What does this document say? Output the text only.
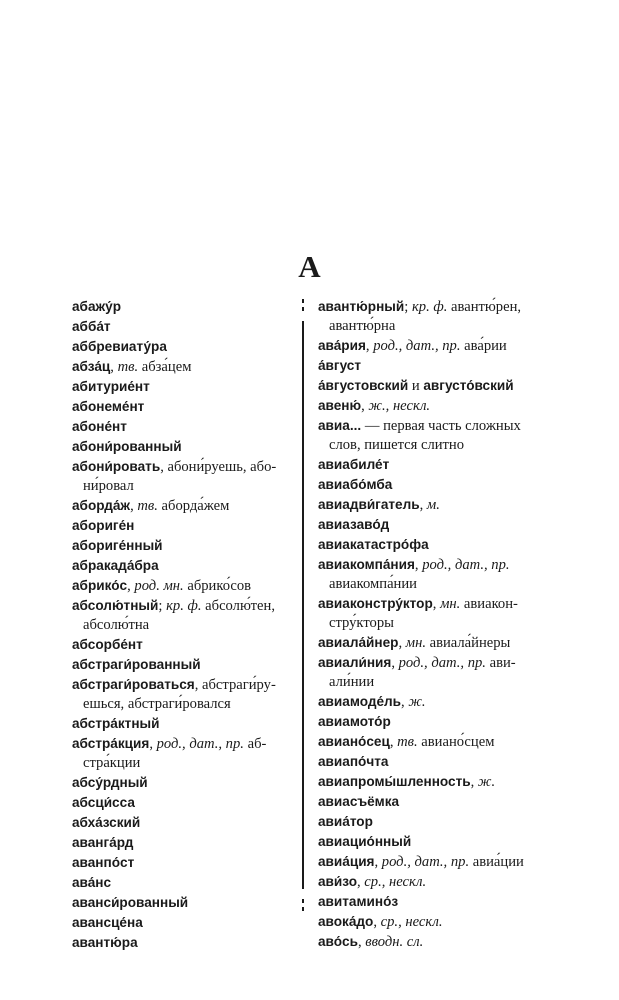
А
абажу́р
абба́т
аббревиату́ра
абза́ц, тв. абза́цем
абитурие́нт
абонеме́нт
абоне́нт
абони́рованный
абони́ровать, абони́руешь, абони́ровал
аборда́ж, тв. аборда́жем
абориге́н
абориге́нный
абракада́бра
абрико́с, род. мн. абрико́сов
абсолю́тный; кр. ф. абсолю́тен, абсолю́тна
абсорбе́нт
абстраги́рованный
абстраги́роваться, абстраги́руешься, абстраги́ровался
абстра́ктный
абстра́кция, род., дат., пр. абстра́кции
абсу́рдный
абсци́сса
абха́зский
аванга́рд
аванпо́ст
ава́нс
аванси́рованный
авансце́на
авантю́ра
авантю́рный; кр. ф. авантю́рен, авантю́рна
ава́рия, род., дат., пр. ава́рии
а́вгуст
а́вгустовский и августо́вский
авеню́, ж., нескл.
авиа... — первая часть сложных слов, пишется слитно
авиабиле́т
авиабо́мба
авиадви́гатель, м.
авиазаво́д
авиакатастро́фа
авиакомпа́ния, род., дат., пр. авиакомпа́нии
авиаконстру́ктор, мн. авиаконстру́кторы
авиала́йнер, мн. авиала́йнеры
авиали́ния, род., дат., пр. авиали́нии
авиамоде́ль, ж.
авиамото́р
авиано́сец, тв. авиано́сцем
авиапо́чта
авиапромы́шленность, ж.
авиасъёмка
авиа́тор
авиацио́нный
авиа́ция, род., дат., пр. авиа́ции
ави́зо, ср., нескл.
авитамино́з
авока́до, ср., нескл.
аво́сь, вводн. сл.
